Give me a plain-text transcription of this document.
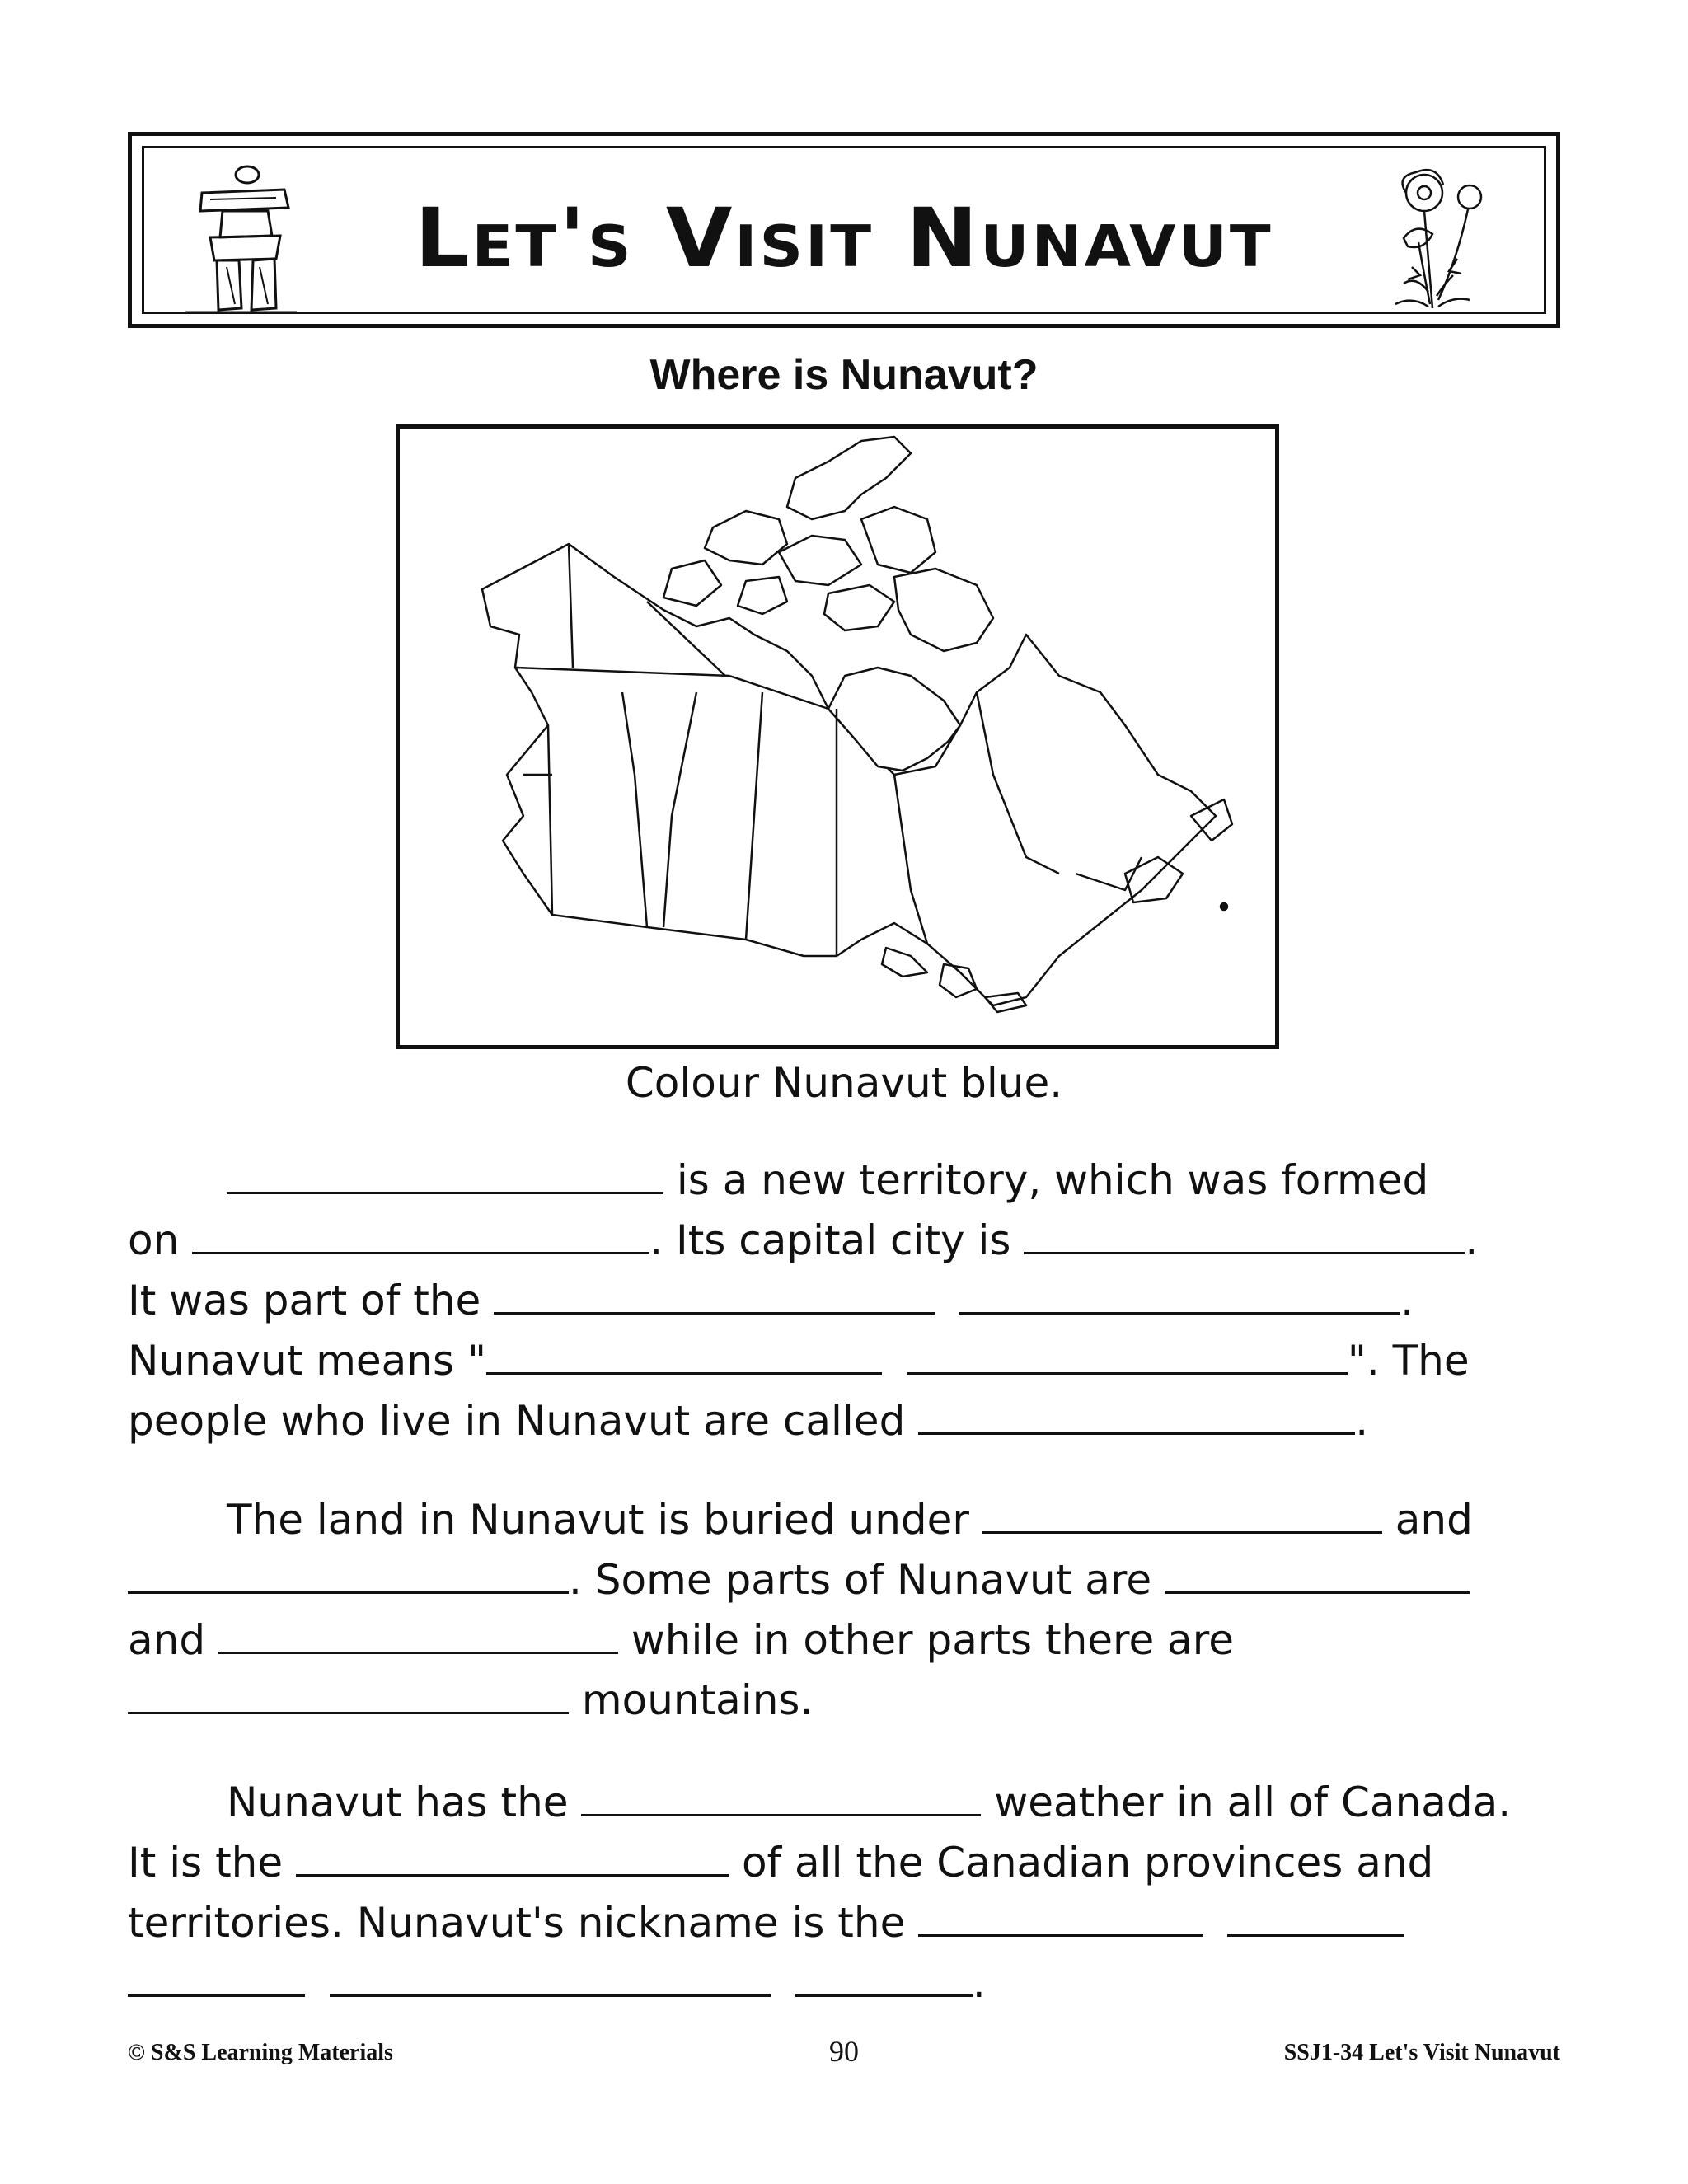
Let's Visit Nunavut
Where is Nunavut?
Colour Nunavut blue.
is a new territory, which was formed
on	. Its capital city is	.
It was part of the	.
Nunavut means "	". The
people who live in Nunavut are called	.
The land in Nunavut is buried under	and
. Some parts of Nunavut are
and	while in other parts there are
mountains.
Nunavut has the	weather in all of Canada.
It is the	of all the Canadian provinces and
territories. Nunavut's nickname is the
.
© S&S Learning Materials	90	SSJ1-34 Let's Visit Nunavut
